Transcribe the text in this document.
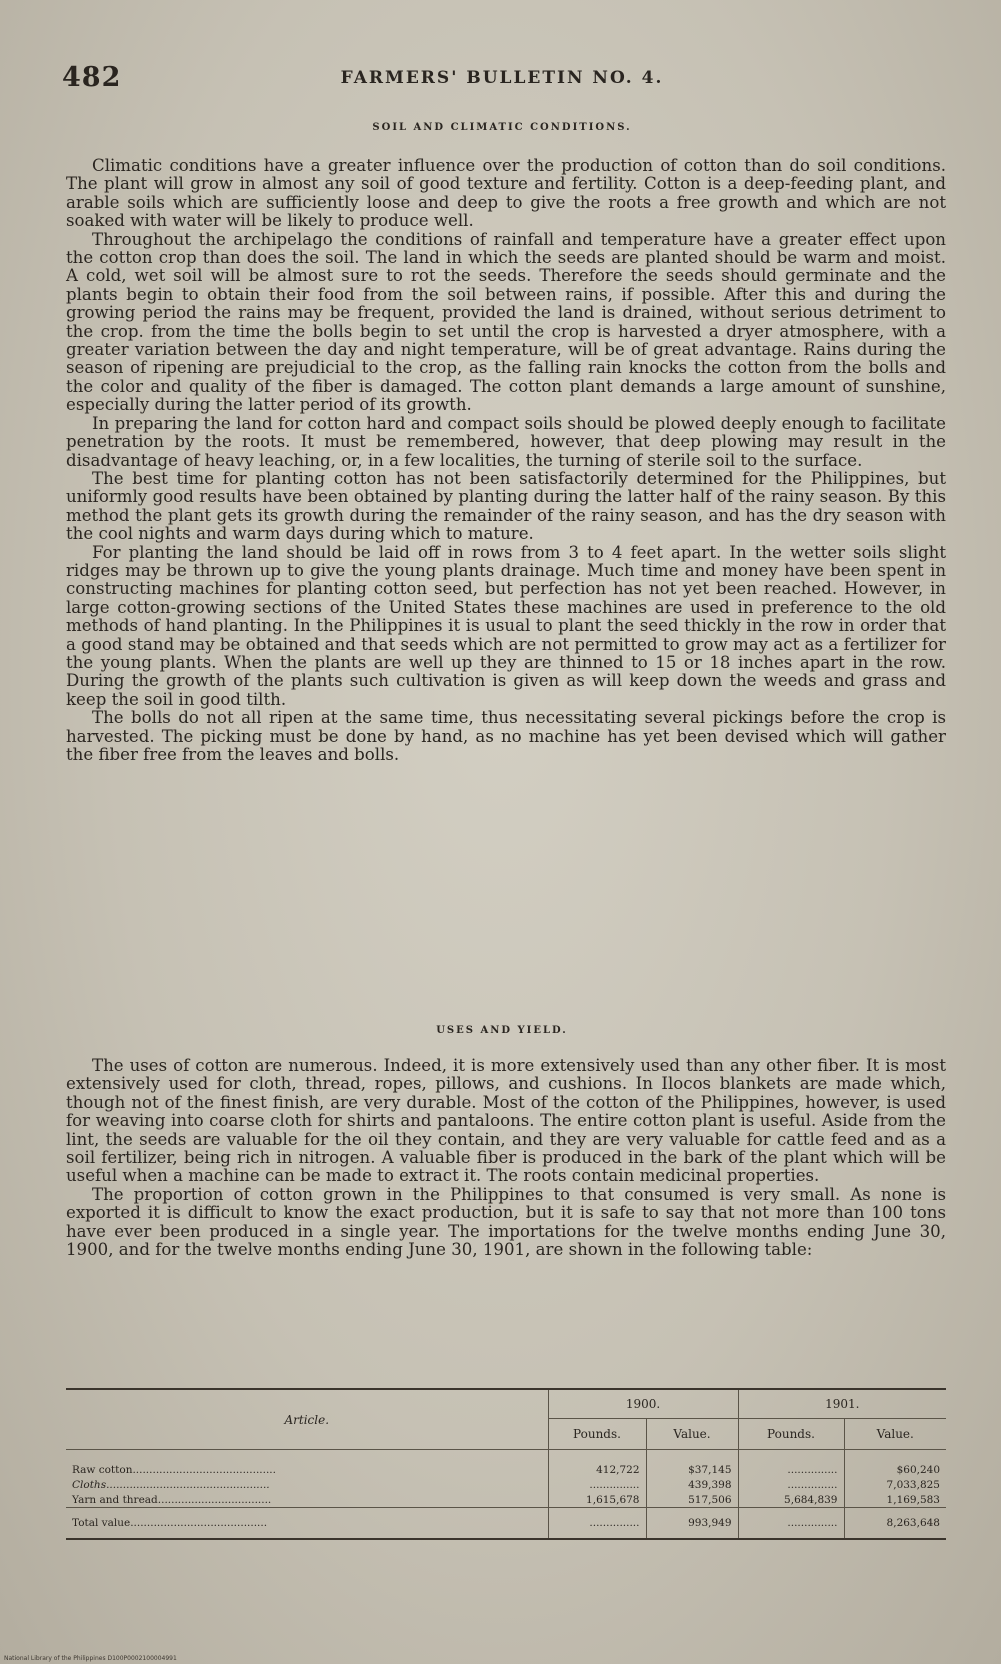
482	FARMERS' BULLETIN NO. 4.
SOIL AND CLIMATIC CONDITIONS.

Climatic conditions have a greater influence over the production of cotton than do soil conditions. The plant will grow in almost any soil of good texture and fertility. Cotton is a deep-feeding plant, and arable soils which are sufficiently loose and deep to give the roots a free growth and which are not soaked with water will be likely to produce well.

Throughout the archipelago the conditions of rainfall and temperature have a greater effect upon the cotton crop than does the soil. The land in which the seeds are planted should be warm and moist. A cold, wet soil will be almost sure to rot the seeds. Therefore the seeds should germinate and the plants begin to obtain their food from the soil between rains, if possible. After this and during the growing period the rains may be frequent, provided the land is drained, without serious detriment to the crop. from the time the bolls begin to set until the crop is harvested a dryer atmosphere, with a greater variation between the day and night temperature, will be of great advantage. Rains during the season of ripening are prejudicial to the crop, as the falling rain knocks the cotton from the bolls and the color and quality of the fiber is damaged. The cotton plant demands a large amount of sunshine, especially during the latter period of its growth.

In preparing the land for cotton hard and compact soils should be plowed deeply enough to facilitate penetration by the roots. It must be remembered, however, that deep plowing may result in the disadvantage of heavy leaching, or, in a few localities, the turning of sterile soil to the surface.

The best time for planting cotton has not been satisfactorily determined for the Philippines, but uniformly good results have been obtained by planting during the latter half of the rainy season. By this method the plant gets its growth during the remainder of the rainy season, and has the dry season with the cool nights and warm days during which to mature.

For planting the land should be laid off in rows from 3 to 4 feet apart. In the wetter soils slight ridges may be thrown up to give the young plants drainage. Much time and money have been spent in constructing machines for planting cotton seed, but perfection has not yet been reached. However, in large cotton-growing sections of the United States these machines are used in preference to the old methods of hand planting. In the Philippines it is usual to plant the seed thickly in the row in order that a good stand may be obtained and that seeds which are not permitted to grow may act as a fertilizer for the young plants. When the plants are well up they are thinned to 15 or 18 inches apart in the row. During the growth of the plants such cultivation is given as will keep down the weeds and grass and keep the soil in good tilth.

The bolls do not all ripen at the same time, thus necessitating several pickings before the crop is harvested. The picking must be done by hand, as no machine has yet been devised which will gather the fiber free from the leaves and bolls.

USES AND YIELD.

The uses of cotton are numerous. Indeed, it is more extensively used than any other fiber. It is most extensively used for cloth, thread, ropes, pillows, and cushions. In Ilocos blankets are made which, though not of the finest finish, are very durable. Most of the cotton of the Philippines, however, is used for weaving into coarse cloth for shirts and pantaloons. The entire cotton plant is useful. Aside from the lint, the seeds are valuable for the oil they contain, and they are very valuable for cattle feed and as a soil fertilizer, being rich in nitrogen. A valuable fiber is produced in the bark of the plant which will be useful when a machine can be made to extract it. The roots contain medicinal properties.

The proportion of cotton grown in the Philippines to that consumed is very small. As none is exported it is difficult to know the exact production, but it is safe to say that not more than 100 tons have ever been produced in a single year. The importations for the twelve months ending June 30, 1900, and for the twelve months ending June 30, 1901, are shown in the following table:

Article.	1900.		1901.	
	Pounds.	Value.	Pounds.	Value.
Raw cotton...........................................	412,722	$37,145	...............	$60,240
Cloths.................................................	...............	439,398	...............	7,033,825
Yarn and thread..................................	1,615,678	517,506	5,684,839	1,169,583
Total value.........................................	...............	993,949	...............	8,263,648
National Library of the Philippines D100P0002100004991
